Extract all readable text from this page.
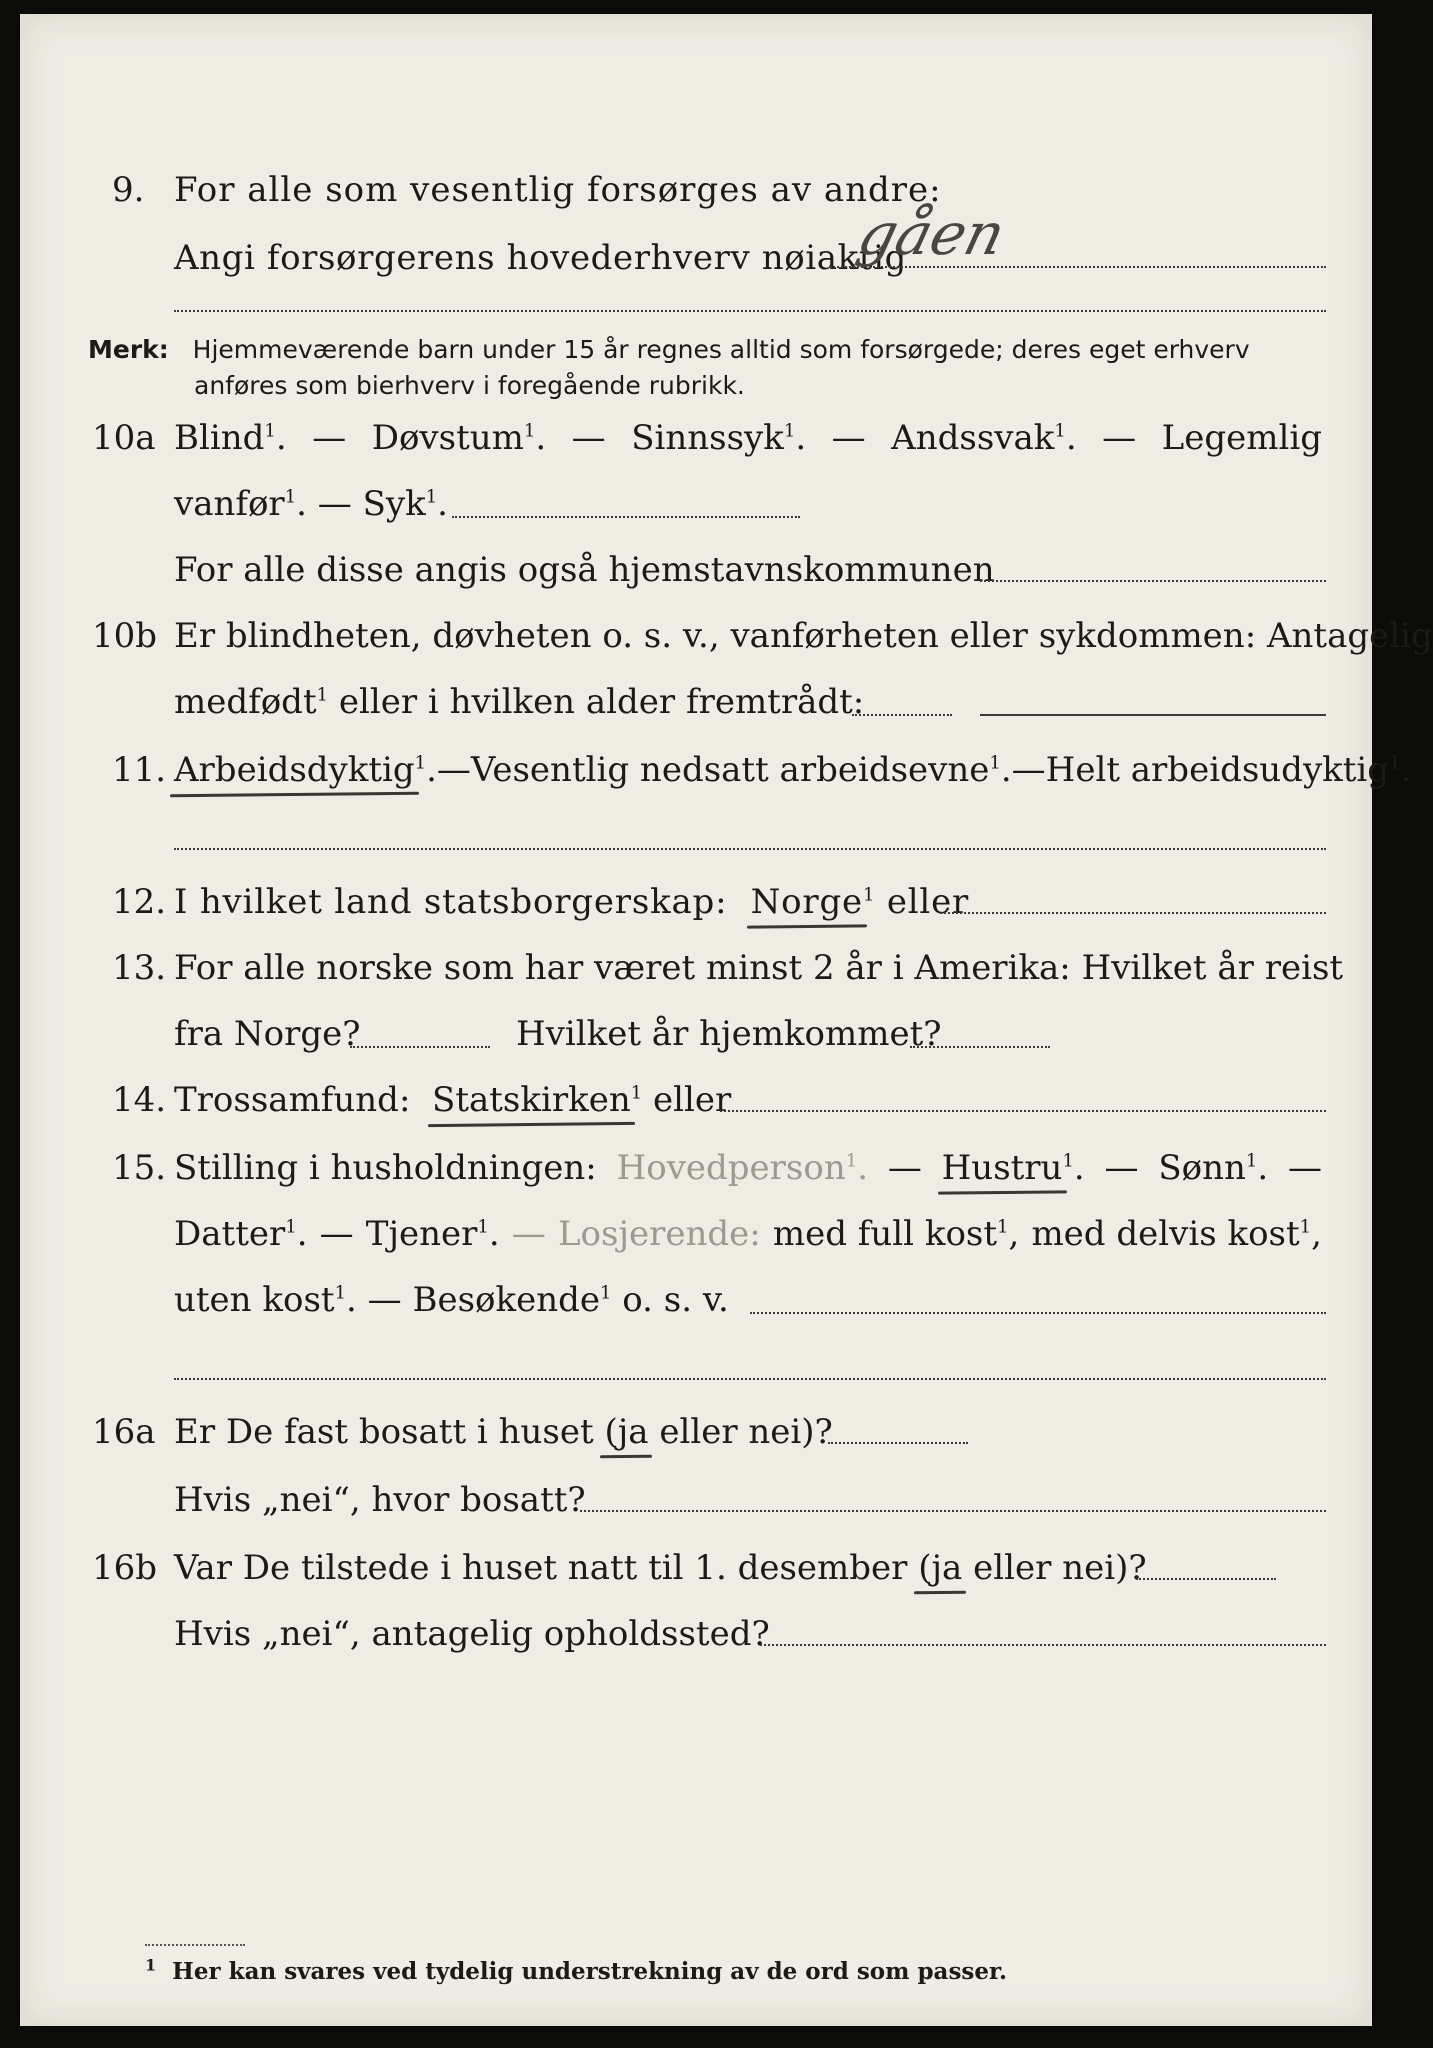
9. For alle som vesentlig forsørges av andre:
Angi forsørgerens hovederhverv nøiaktig
gåen
Merk: Hjemmeværende barn under 15 år regnes alltid som forsørgede; deres eget erhverv
anføres som bierhverv i foregående rubrikk.
10a Blind$^1$. — Døvstum$^1$. — Sinnssyk$^1$. — Andssvak$^1$. — Legemlig
vanfør$^1$. — Syk$^1$.
For alle disse angis også hjemstavnskommunen
10b Er blindheten, døvheten o. s. v., vanførheten eller sykdommen: Antagelig
medfødt$^1$ eller i hvilken alder fremtrådt:
11. Arbeidsdyktig$^1$. — Vesentlig nedsatt arbeidsevne$^1$. — Helt arbeidsudyktig$^1$.
12. I hvilket land statsborgerskap: Norge$^1$ eller
13. For alle norske som har været minst 2 år i Amerika: Hvilket år reist
fra Norge?	Hvilket år hjemkommet?
14. Trossamfund: Statskirken$^1$ eller
15. Stilling i husholdningen: Hovedperson$^1$. — Hustru$^1$. — Sønn$^1$. —
Datter$^1$. — Tjener$^1$. — Losjerende: med full kost$^1$, med delvis kost$^1$,
uten kost$^1$. — Besøkende$^1$ o. s. v.
16a Er De fast bosatt i huset (ja eller nei)?
Hvis „nei“, hvor bosatt?
16b Var De tilstede i huset natt til 1. desember (ja eller nei)?
Hvis „nei“, antagelig opholdssted?
$^1$ Her kan svares ved tydelig understrekning av de ord som passer.
